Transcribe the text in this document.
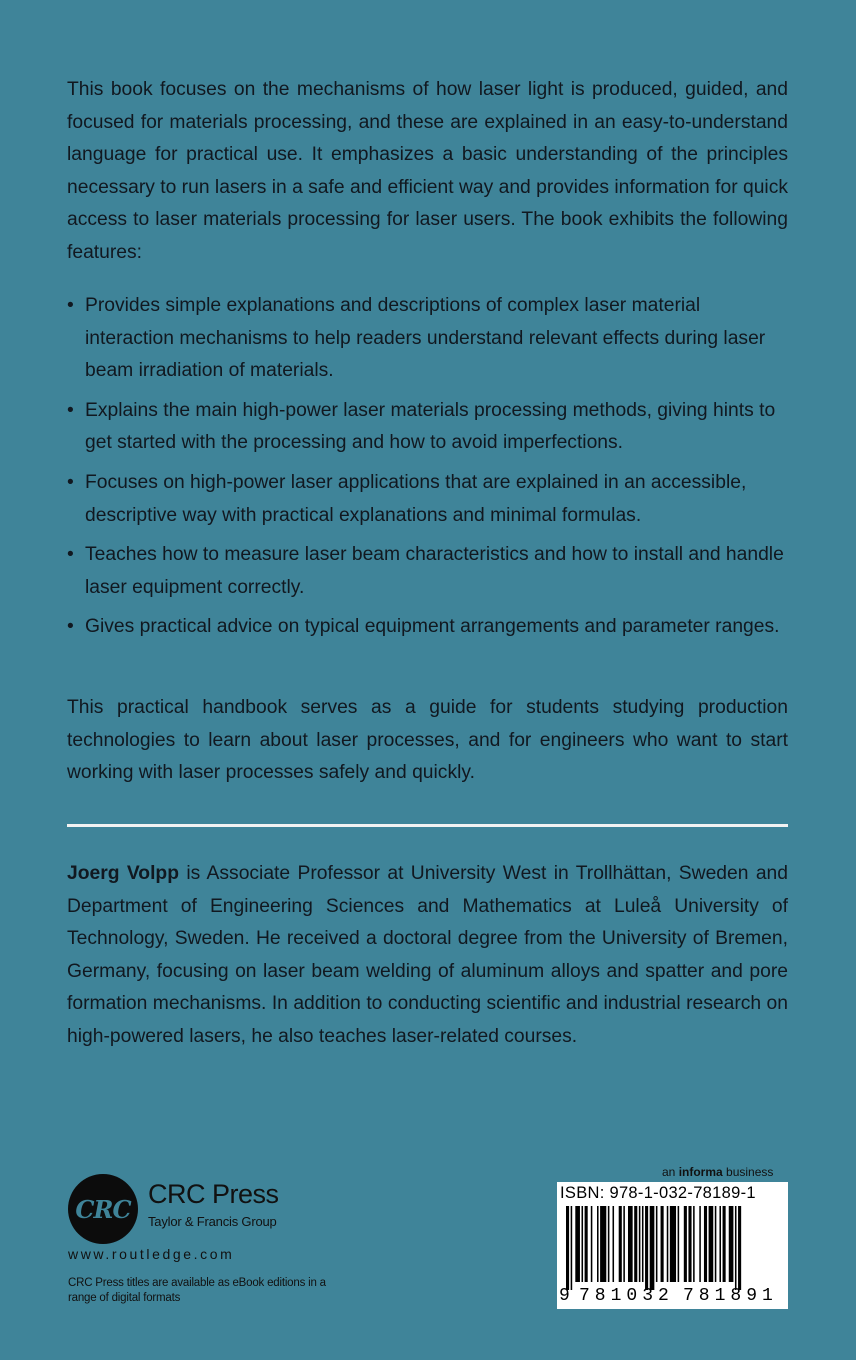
This book focuses on the mechanisms of how laser light is produced, guided, and focused for materials processing, and these are explained in an easy-to-understand language for practical use. It emphasizes a basic understanding of the principles necessary to run lasers in a safe and efficient way and provides information for quick access to laser materials processing for laser users. The book exhibits the following features:

• Provides simple explanations and descriptions of complex laser material interaction mechanisms to help readers understand relevant effects during laser beam irradiation of materials.
• Explains the main high-power laser materials processing methods, giving hints to get started with the processing and how to avoid imperfections.
• Focuses on high-power laser applications that are explained in an accessible, descriptive way with practical explanations and minimal formulas.
• Teaches how to measure laser beam characteristics and how to install and handle laser equipment correctly.
• Gives practical advice on typical equipment arrangements and parameter ranges.

This practical handbook serves as a guide for students studying production technologies to learn about laser processes, and for engineers who want to start working with laser processes safely and quickly.

Joerg Volpp is Associate Professor at University West in Trollhättan, Sweden and Department of Engineering Sciences and Mathematics at Luleå University of Technology, Sweden. He received a doctoral degree from the University of Bremen, Germany, focusing on laser beam welding of aluminum alloys and spatter and pore formation mechanisms. In addition to conducting scientific and industrial research on high-powered lasers, he also teaches laser-related courses.

CRC
CRC Press
Taylor & Francis Group
www.routledge.com
CRC Press titles are available as eBook editions in a range of digital formats
an informa business
ISBN: 978-1-032-78189-1
9 781032 781891
